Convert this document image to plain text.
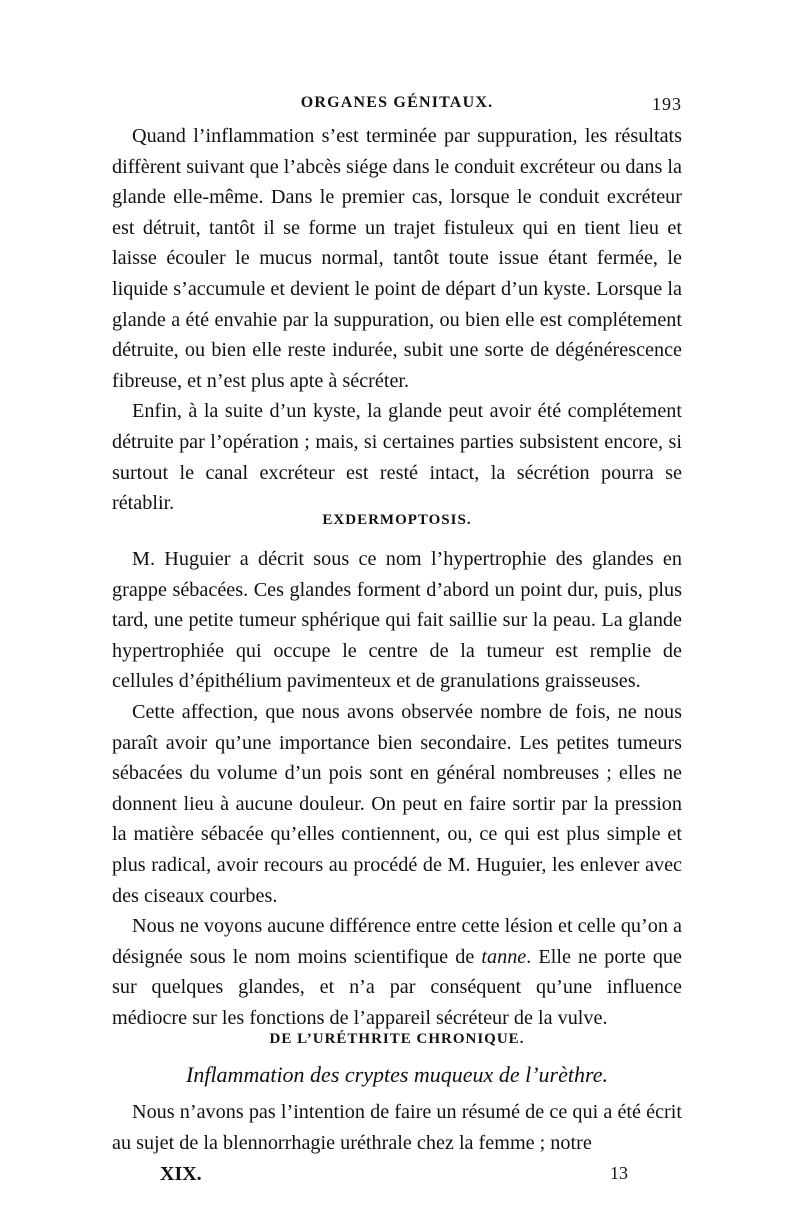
ORGANES GÉNITAUX.	193

Quand l’inflammation s’est terminée par suppuration, les résultats diffèrent suivant que l’abcès siége dans le conduit excréteur ou dans la glande elle-même. Dans le premier cas, lorsque le conduit excréteur est détruit, tantôt il se forme un trajet fistuleux qui en tient lieu et laisse écouler le mucus normal, tantôt toute issue étant fermée, le liquide s’accumule et devient le point de départ d’un kyste. Lorsque la glande a été envahie par la suppuration, ou bien elle est complétement détruite, ou bien elle reste indurée, subit une sorte de dégénérescence fibreuse, et n’est plus apte à sécréter.

Enfin, à la suite d’un kyste, la glande peut avoir été complétement détruite par l’opération ; mais, si certaines parties subsistent encore, si surtout le canal excréteur est resté intact, la sécrétion pourra se rétablir.

EXDERMOPTOSIS.

M. Huguier a décrit sous ce nom l’hypertrophie des glandes en grappe sébacées. Ces glandes forment d’abord un point dur, puis, plus tard, une petite tumeur sphérique qui fait saillie sur la peau. La glande hypertrophiée qui occupe le centre de la tumeur est remplie de cellules d’épithélium pavimenteux et de granulations graisseuses.

Cette affection, que nous avons observée nombre de fois, ne nous paraît avoir qu’une importance bien secondaire. Les petites tumeurs sébacées du volume d’un pois sont en général nombreuses ; elles ne donnent lieu à aucune douleur. On peut en faire sortir par la pression la matière sébacée qu’elles contiennent, ou, ce qui est plus simple et plus radical, avoir recours au procédé de M. Huguier, les enlever avec des ciseaux courbes.

Nous ne voyons aucune différence entre cette lésion et celle qu’on a désignée sous le nom moins scientifique de tanne. Elle ne porte que sur quelques glandes, et n’a par conséquent qu’une influence médiocre sur les fonctions de l’appareil sécréteur de la vulve.

DE L’URÉTHRITE CHRONIQUE.
Inflammation des cryptes muqueux de l’urèthre.

Nous n’avons pas l’intention de faire un résumé de ce qui a été écrit au sujet de la blennorrhagie uréthrale chez la femme ; notre

XIX.	13
